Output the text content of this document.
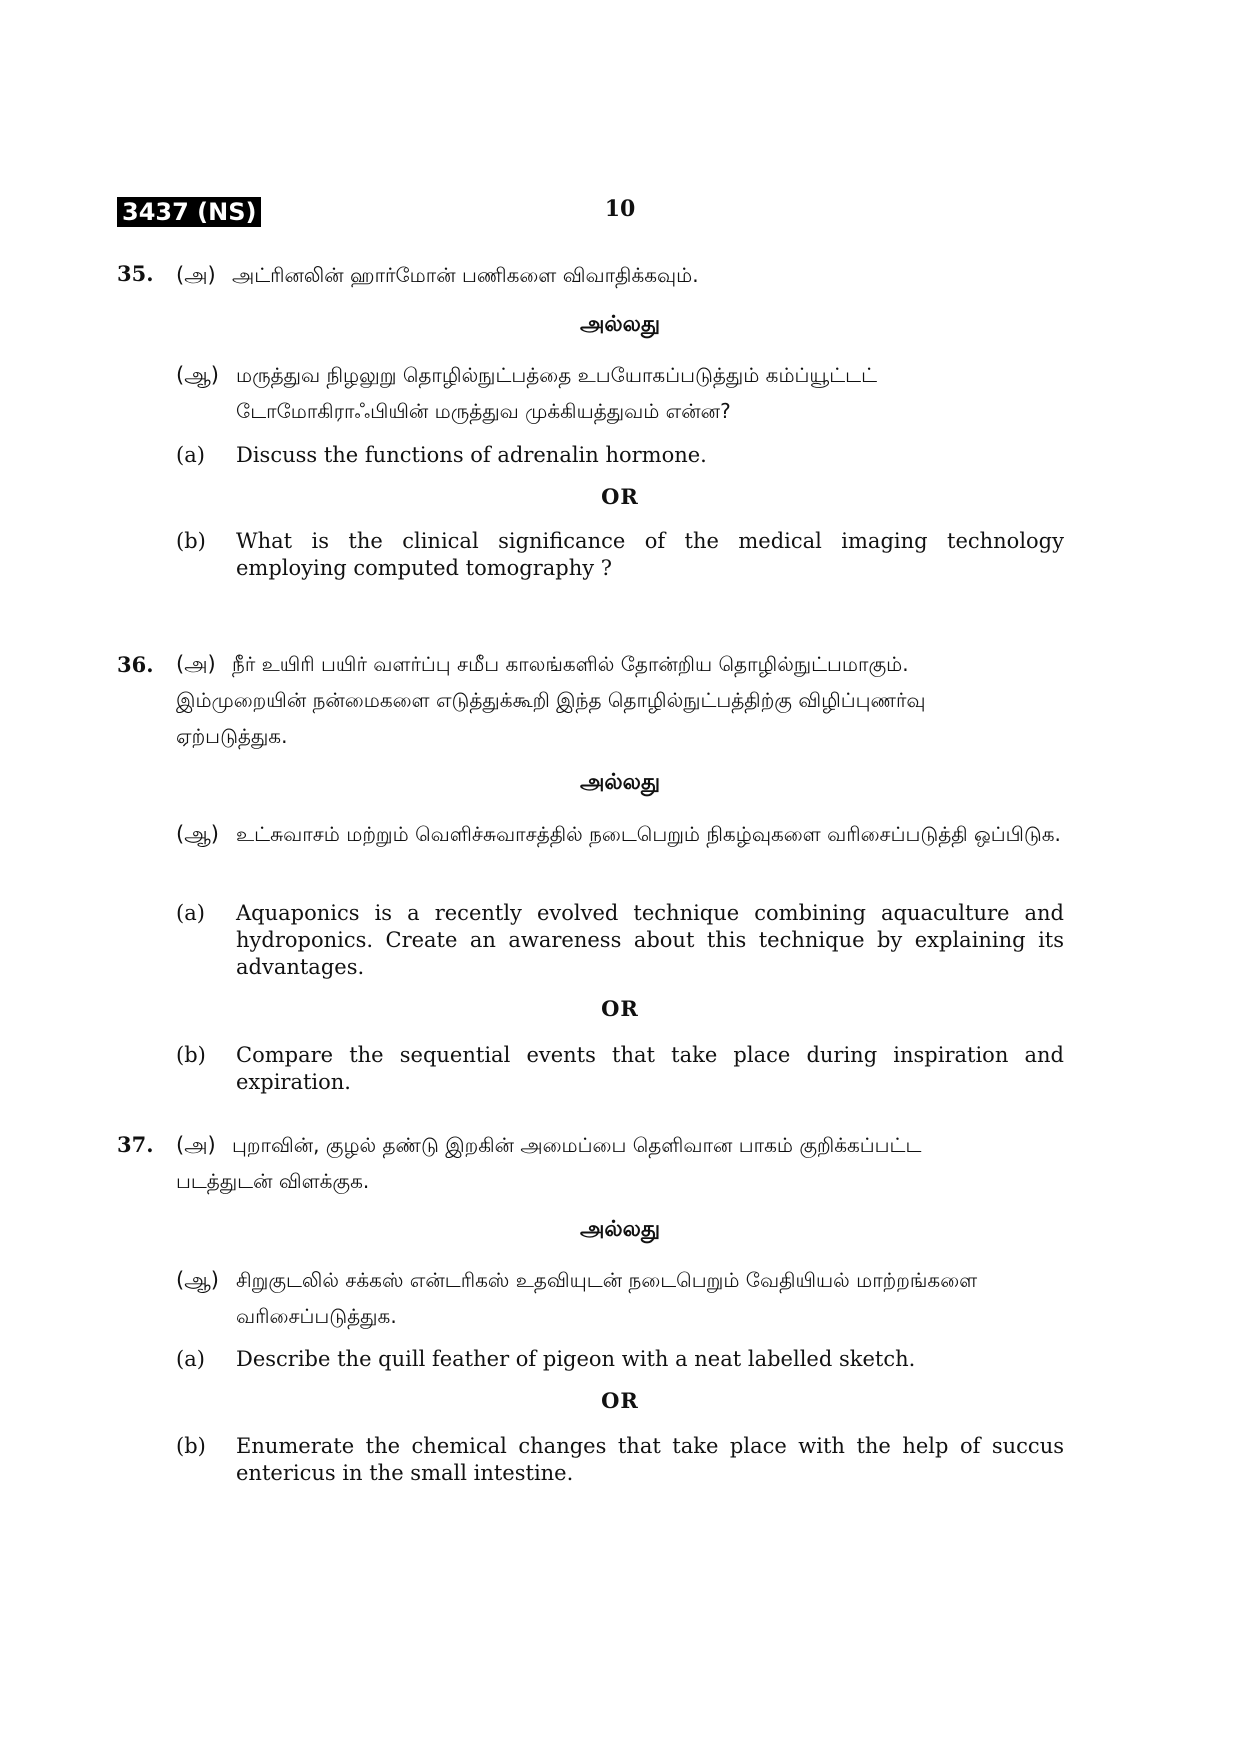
3437 (NS)	10
35.	(அ) அட்ரினலின் ஹார்மோன் பணிகளை விவாதிக்கவும்.
அல்லது
(ஆ) மருத்துவ நிழலுறு தொழில்நுட்பத்தை உபயோகப்படுத்தும் கம்ப்யூட்டட் டோமோகிராஃபியின் மருத்துவ முக்கியத்துவம் என்ன?
(a) Discuss the functions of adrenalin hormone.
OR
(b) What is the clinical significance of the medical imaging technology employing computed tomography ?
36.	(அ) நீர் உயிரி பயிர் வளர்ப்பு சமீப காலங்களில் தோன்றிய தொழில்நுட்பமாகும். இம்முறையின் நன்மைகளை எடுத்துக்கூறி இந்த தொழில்நுட்பத்திற்கு விழிப்புணர்வு ஏற்படுத்துக.
அல்லது
(ஆ) உட்சுவாசம் மற்றும் வெளிச்சுவாசத்தில் நடைபெறும் நிகழ்வுகளை வரிசைப்படுத்தி ஒப்பிடுக.
(a) Aquaponics is a recently evolved technique combining aquaculture and hydroponics. Create an awareness about this technique by explaining its advantages.
OR
(b) Compare the sequential events that take place during inspiration and expiration.
37.	(அ) புறாவின், குழல் தண்டு இறகின் அமைப்பை தெளிவான பாகம் குறிக்கப்பட்ட படத்துடன் விளக்குக.
அல்லது
(ஆ) சிறுகுடலில் சக்கஸ் என்டரிகஸ் உதவியுடன் நடைபெறும் வேதியியல் மாற்றங்களை வரிசைப்படுத்துக.
(a) Describe the quill feather of pigeon with a neat labelled sketch.
OR
(b) Enumerate the chemical changes that take place with the help of succus entericus in the small intestine.
